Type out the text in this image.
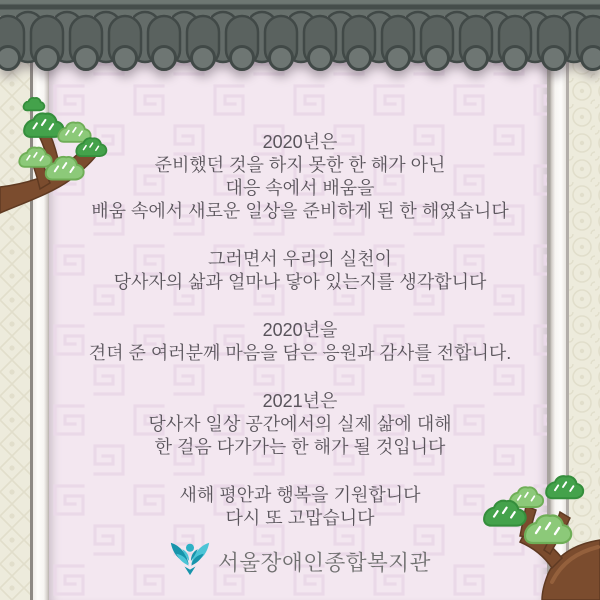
2020년은
준비했던 것을 하지 못한 한 해가 아닌
대응 속에서 배움을
배움 속에서 새로운 일상을 준비하게 된 한 해였습니다

그러면서 우리의 실천이
당사자의 삶과 얼마나 닿아 있는지를 생각합니다

2020년을
견뎌 준 여러분께 마음을 담은 응원과 감사를 전합니다.

2021년은
당사자 일상 공간에서의 실제 삶에 대해
한 걸음 다가가는 한 해가 될 것입니다

새해 평안과 행복을 기원합니다
다시 또 고맙습니다

서울장애인종합복지관
